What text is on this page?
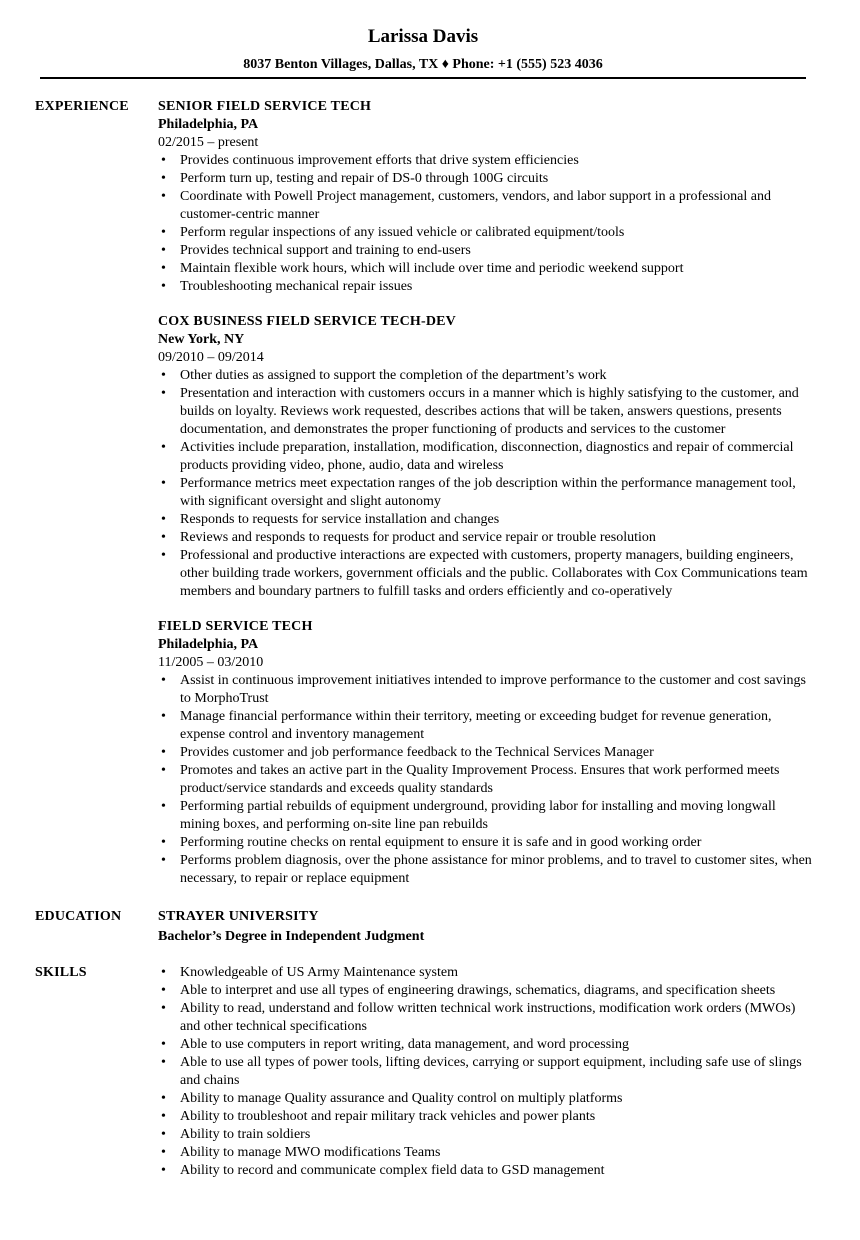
Larissa Davis
8037 Benton Villages, Dallas, TX ♦ Phone: +1 (555) 523 4036
EXPERIENCE SENIOR FIELD SERVICE TECH
Philadelphia, PA
02/2015 – present
• Provides continuous improvement efforts that drive system efficiencies
• Perform turn up, testing and repair of DS-0 through 100G circuits
• Coordinate with Powell Project management, customers, vendors, and labor support in a professional and customer-centric manner
• Perform regular inspections of any issued vehicle or calibrated equipment/tools
• Provides technical support and training to end-users
• Maintain flexible work hours, which will include over time and periodic weekend support
• Troubleshooting mechanical repair issues
COX BUSINESS FIELD SERVICE TECH-DEV
New York, NY
09/2010 – 09/2014
• Other duties as assigned to support the completion of the department’s work
• Presentation and interaction with customers occurs in a manner which is highly satisfying to the customer, and builds on loyalty. Reviews work requested, describes actions that will be taken, answers questions, presents documentation, and demonstrates the proper functioning of products and services to the customer
• Activities include preparation, installation, modification, disconnection, diagnostics and repair of commercial products providing video, phone, audio, data and wireless
• Performance metrics meet expectation ranges of the job description within the performance management tool, with significant oversight and slight autonomy
• Responds to requests for service installation and changes
• Reviews and responds to requests for product and service repair or trouble resolution
• Professional and productive interactions are expected with customers, property managers, building engineers, other building trade workers, government officials and the public. Collaborates with Cox Communications team members and boundary partners to fulfill tasks and orders efficiently and co-operatively
FIELD SERVICE TECH
Philadelphia, PA
11/2005 – 03/2010
• Assist in continuous improvement initiatives intended to improve performance to the customer and cost savings to MorphoTrust
• Manage financial performance within their territory, meeting or exceeding budget for revenue generation, expense control and inventory management
• Provides customer and job performance feedback to the Technical Services Manager
• Promotes and takes an active part in the Quality Improvement Process. Ensures that work performed meets product/service standards and exceeds quality standards
• Performing partial rebuilds of equipment underground, providing labor for installing and moving longwall mining boxes, and performing on-site line pan rebuilds
• Performing routine checks on rental equipment to ensure it is safe and in good working order
• Performs problem diagnosis, over the phone assistance for minor problems, and to travel to customer sites, when necessary, to repair or replace equipment
EDUCATION	STRAYER UNIVERSITY
Bachelor’s Degree in Independent Judgment
SKILLS	• Knowledgeable of US Army Maintenance system
• Able to interpret and use all types of engineering drawings, schematics, diagrams, and specification sheets
• Ability to read, understand and follow written technical work instructions, modification work orders (MWOs) and other technical specifications
• Able to use computers in report writing, data management, and word processing
• Able to use all types of power tools, lifting devices, carrying or support equipment, including safe use of slings and chains
• Ability to manage Quality assurance and Quality control on multiply platforms
• Ability to troubleshoot and repair military track vehicles and power plants
• Ability to train soldiers
• Ability to manage MWO modifications Teams
• Ability to record and communicate complex field data to GSD management
